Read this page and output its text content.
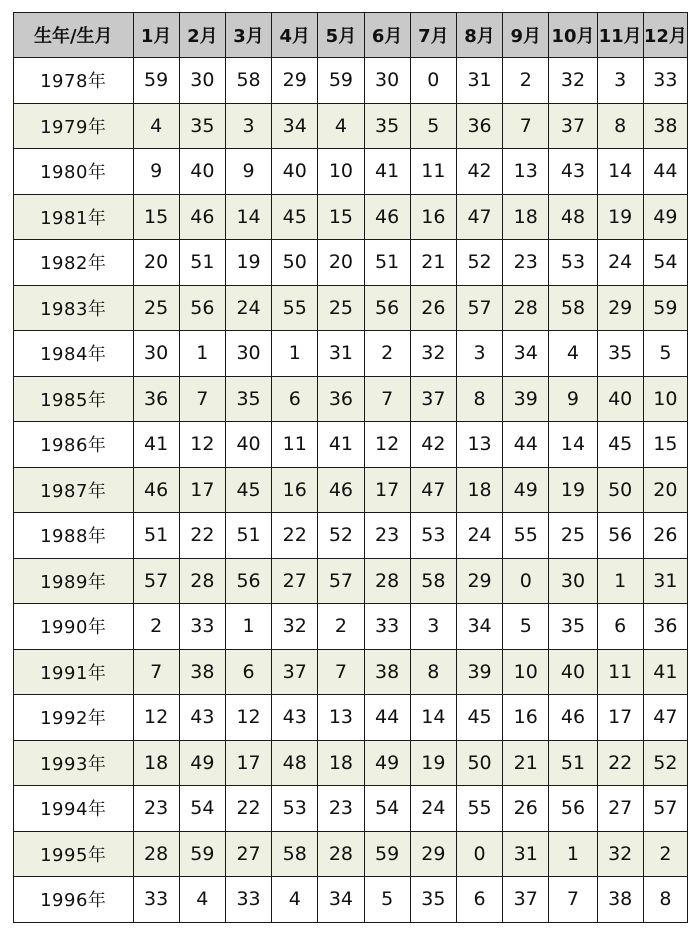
生年/生月	1月	2月	3月	4月	5月	6月	7月	8月	9月	10月	11月	12月
1978年	59	30	58	29	59	30	0	31	2	32	3	33
1979年	4	35	3	34	4	35	5	36	7	37	8	38
1980年	9	40	9	40	10	41	11	42	13	43	14	44
1981年	15	46	14	45	15	46	16	47	18	48	19	49
1982年	20	51	19	50	20	51	21	52	23	53	24	54
1983年	25	56	24	55	25	56	26	57	28	58	29	59
1984年	30	1	30	1	31	2	32	3	34	4	35	5
1985年	36	7	35	6	36	7	37	8	39	9	40	10
1986年	41	12	40	11	41	12	42	13	44	14	45	15
1987年	46	17	45	16	46	17	47	18	49	19	50	20
1988年	51	22	51	22	52	23	53	24	55	25	56	26
1989年	57	28	56	27	57	28	58	29	0	30	1	31
1990年	2	33	1	32	2	33	3	34	5	35	6	36
1991年	7	38	6	37	7	38	8	39	10	40	11	41
1992年	12	43	12	43	13	44	14	45	16	46	17	47
1993年	18	49	17	48	18	49	19	50	21	51	22	52
1994年	23	54	22	53	23	54	24	55	26	56	27	57
1995年	28	59	27	58	28	59	29	0	31	1	32	2
1996年	33	4	33	4	34	5	35	6	37	7	38	8
